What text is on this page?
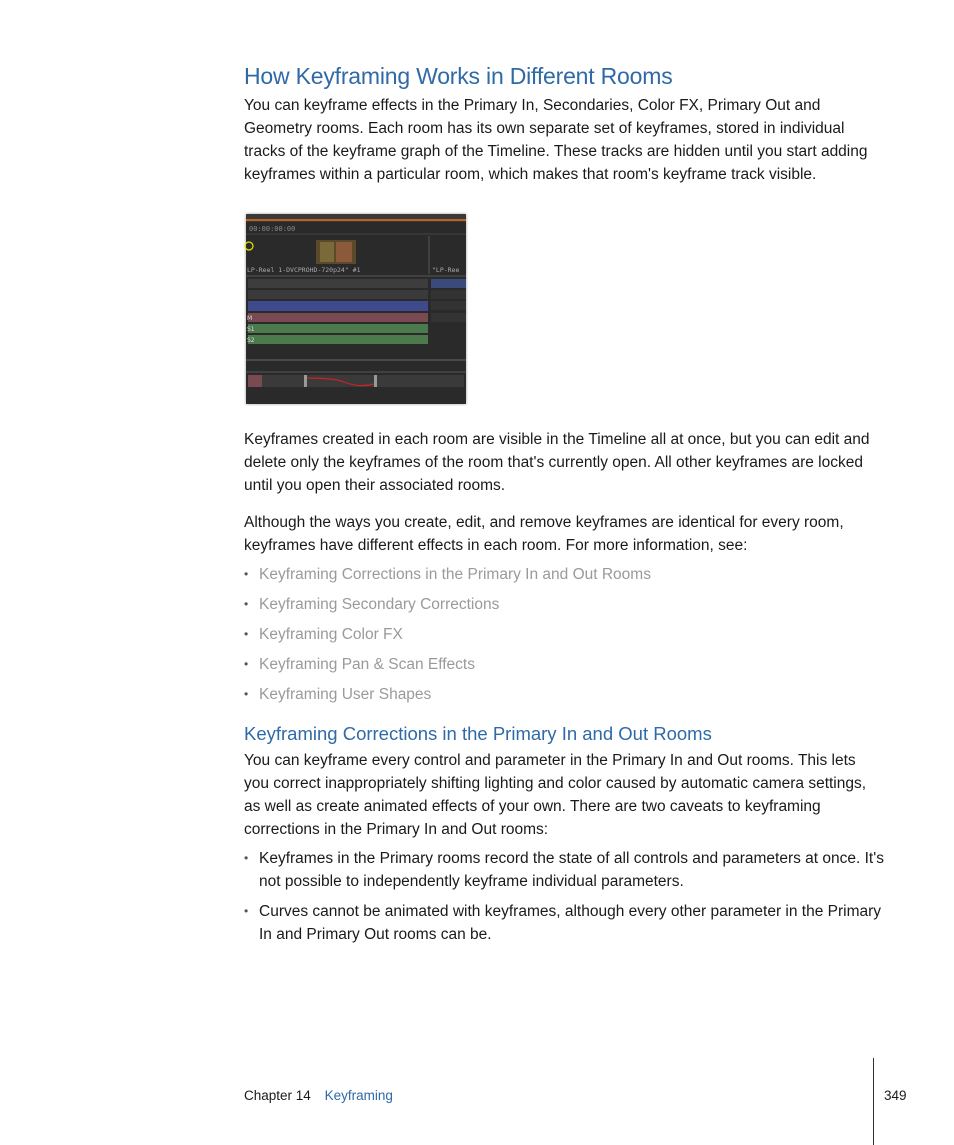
How Keyframing Works in Different Rooms

You can keyframe effects in the Primary In, Secondaries, Color FX, Primary Out and Geometry rooms. Each room has its own separate set of keyframes, stored in individual tracks of the keyframe graph of the Timeline. These tracks are hidden until you start adding keyframes within a particular room, which makes that room's keyframe track visible.

00:00:00:00
LP-Reel 1-DVCPROHD-720p24" #1	"LP-Ree
M
S1
S2

Keyframes created in each room are visible in the Timeline all at once, but you can edit and delete only the keyframes of the room that's currently open. All other keyframes are locked until you open their associated rooms.

Although the ways you create, edit, and remove keyframes are identical for every room, keyframes have different effects in each room. For more information, see:

• Keyframing Corrections in the Primary In and Out Rooms
• Keyframing Secondary Corrections
• Keyframing Color FX
• Keyframing Pan & Scan Effects
• Keyframing User Shapes
Keyframing Corrections in the Primary In and Out Rooms

You can keyframe every control and parameter in the Primary In and Out rooms. This lets you correct inappropriately shifting lighting and color caused by automatic camera settings, as well as create animated effects of your own. There are two caveats to keyframing corrections in the Primary In and Out rooms:

• Keyframes in the Primary rooms record the state of all controls and parameters at once. It's not possible to independently keyframe individual parameters.
• Curves cannot be animated with keyframes, although every other parameter in the Primary In and Primary Out rooms can be.
Chapter 14 Keyframing	349
